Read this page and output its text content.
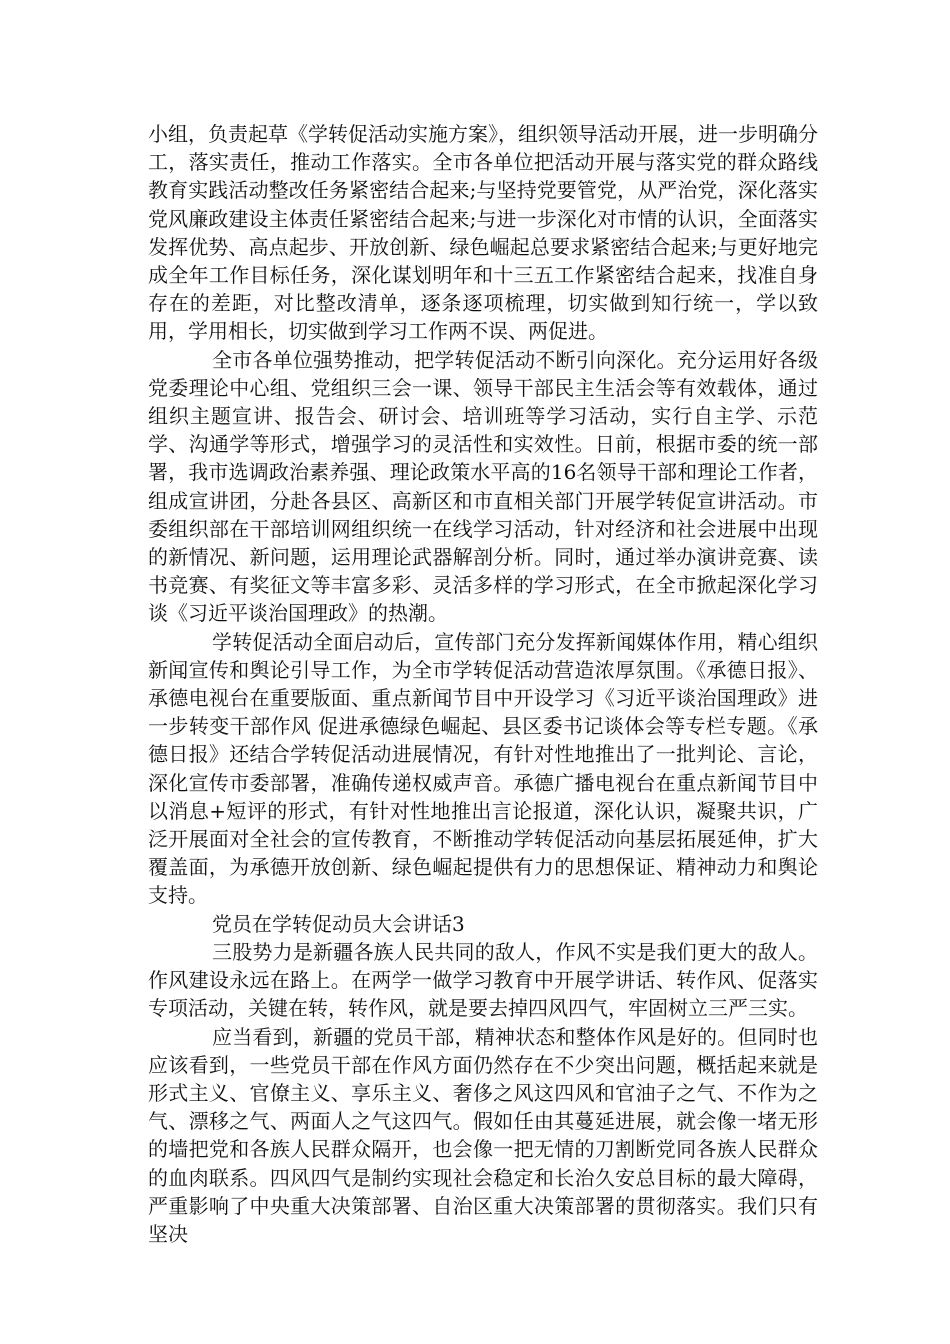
小组，负责起草《学转促活动实施方案》，组织领导活动开展，进一步明确分工，落实责任，推动工作落实。全市各单位把活动开展与落实党的群众路线教育实践活动整改任务紧密结合起来;与坚持党要管党，从严治党，深化落实党风廉政建设主体责任紧密结合起来;与进一步深化对市情的认识，全面落实发挥优势、高点起步、开放创新、绿色崛起总要求紧密结合起来;与更好地完成全年工作目标任务，深化谋划明年和十三五工作紧密结合起来，找准自身存在的差距，对比整改清单，逐条逐项梳理，切实做到知行统一，学以致用，学用相长，切实做到学习工作两不误、两促进。

全市各单位强势推动，把学转促活动不断引向深化。充分运用好各级党委理论中心组、党组织三会一课、领导干部民主生活会等有效载体，通过组织主题宣讲、报告会、研讨会、培训班等学习活动，实行自主学、示范学、沟通学等形式，增强学习的灵活性和实效性。日前，根据市委的统一部署，我市选调政治素养强、理论政策水平高的16名领导干部和理论工作者，组成宣讲团，分赴各县区、高新区和市直相关部门开展学转促宣讲活动。市委组织部在干部培训网组织统一在线学习活动，针对经济和社会进展中出现的新情况、新问题，运用理论武器解剖分析。同时，通过举办演讲竞赛、读书竞赛、有奖征文等丰富多彩、灵活多样的学习形式，在全市掀起深化学习谈《习近平谈治国理政》的热潮。

学转促活动全面启动后，宣传部门充分发挥新闻媒体作用，精心组织新闻宣传和舆论引导工作，为全市学转促活动营造浓厚氛围。《承德日报》、承德电视台在重要版面、重点新闻节目中开设学习《习近平谈治国理政》进一步转变干部作风 促进承德绿色崛起、县区委书记谈体会等专栏专题。《承德日报》还结合学转促活动进展情况，有针对性地推出了一批判论、言论，深化宣传市委部署，准确传递权威声音。承德广播电视台在重点新闻节目中以消息+短评的形式，有针对性地推出言论报道，深化认识，凝聚共识，广泛开展面对全社会的宣传教育，不断推动学转促活动向基层拓展延伸，扩大覆盖面，为承德开放创新、绿色崛起提供有力的思想保证、精神动力和舆论支持。

党员在学转促动员大会讲话3

三股势力是新疆各族人民共同的敌人，作风不实是我们更大的敌人。作风建设永远在路上。在两学一做学习教育中开展学讲话、转作风、促落实专项活动，关键在转，转作风，就是要去掉四风四气，牢固树立三严三实。

应当看到，新疆的党员干部，精神状态和整体作风是好的。但同时也应该看到，一些党员干部在作风方面仍然存在不少突出问题，概括起来就是形式主义、官僚主义、享乐主义、奢侈之风这四风和官油子之气、不作为之气、漂移之气、两面人之气这四气。假如任由其蔓延进展，就会像一堵无形的墙把党和各族人民群众隔开，也会像一把无情的刀割断党同各族人民群众的血肉联系。四风四气是制约实现社会稳定和长治久安总目标的最大障碍，严重影响了中央重大决策部署、自治区重大决策部署的贯彻落实。我们只有坚决
